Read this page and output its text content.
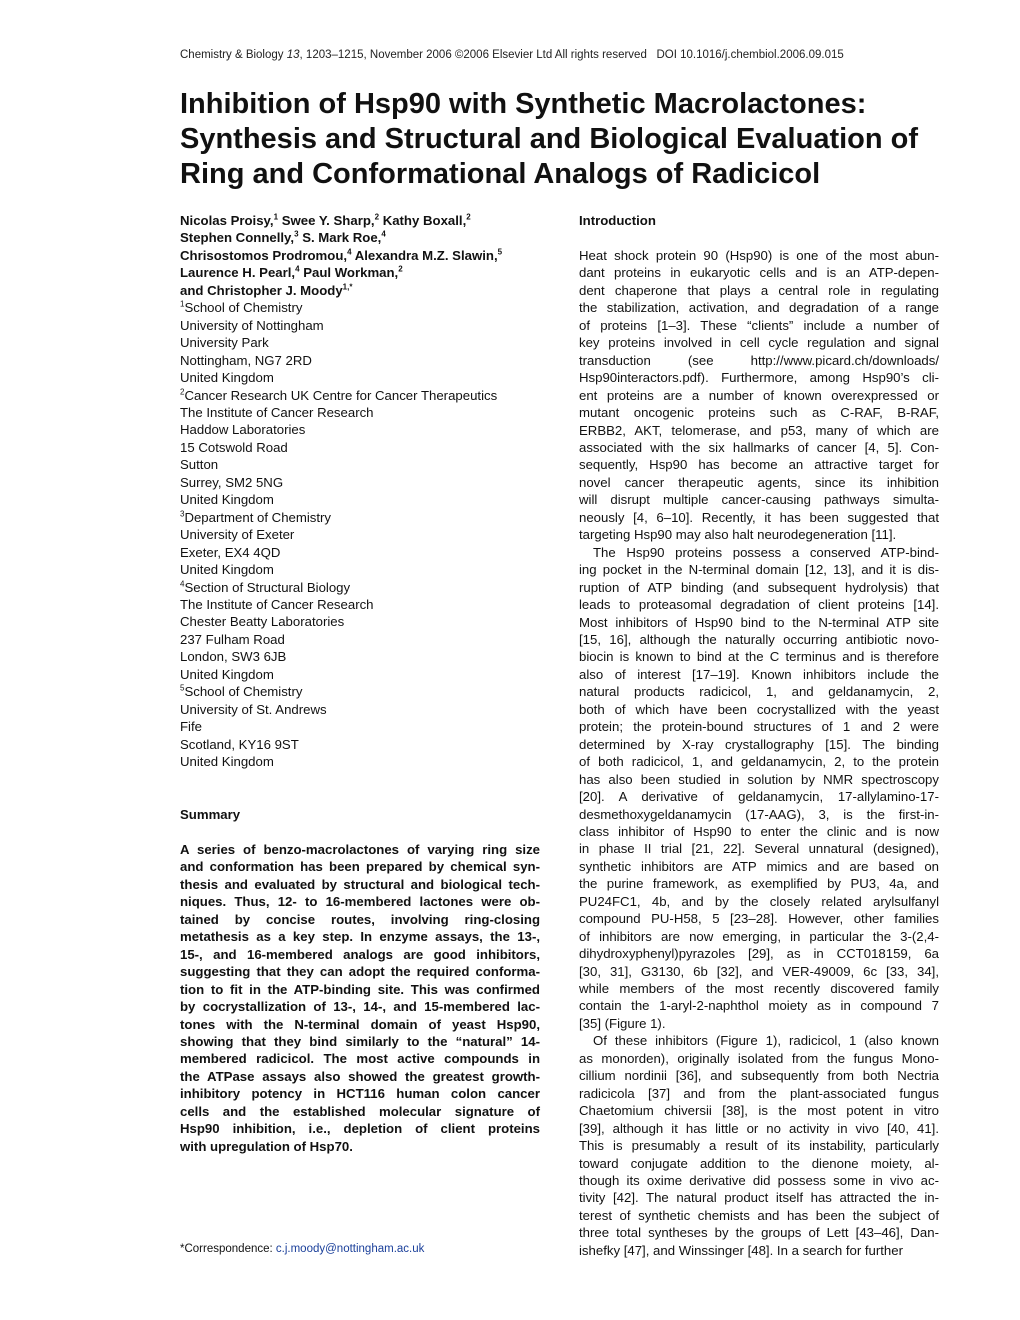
Chemistry & Biology 13, 1203–1215, November 2006 ©2006 Elsevier Ltd All rights reserved DOI 10.1016/j.chembiol.2006.09.015
Inhibition of Hsp90 with Synthetic Macrolactones: Synthesis and Structural and Biological Evaluation of Ring and Conformational Analogs of Radicicol
Nicolas Proisy,$^1$ Swee Y. Sharp,$^2$ Kathy Boxall,$^2$
Stephen Connelly,$^3$ S. Mark Roe,$^4$
Chrisostomos Prodromou,$^4$ Alexandra M.Z. Slawin,$^5$
Laurence H. Pearl,$^4$ Paul Workman,$^2$
and Christopher J. Moody$^{1,*}$
$^1$School of Chemistry
University of Nottingham
University Park
Nottingham, NG7 2RD
United Kingdom
$^2$Cancer Research UK Centre for Cancer Therapeutics
The Institute of Cancer Research
Haddow Laboratories
15 Cotswold Road
Sutton
Surrey, SM2 5NG
United Kingdom
$^3$Department of Chemistry
University of Exeter
Exeter, EX4 4QD
United Kingdom
$^4$Section of Structural Biology
The Institute of Cancer Research
Chester Beatty Laboratories
237 Fulham Road
London, SW3 6JB
United Kingdom
$^5$School of Chemistry
University of St. Andrews
Fife
Scotland, KY16 9ST
United Kingdom
Summary
A series of benzo-macrolactones of varying ring size
and conformation has been prepared by chemical syn-
thesis and evaluated by structural and biological tech-
niques. Thus, 12- to 16-membered lactones were ob-
tained by concise routes, involving ring-closing
metathesis as a key step. In enzyme assays, the 13-,
15-, and 16-membered analogs are good inhibitors,
suggesting that they can adopt the required conforma-
tion to fit in the ATP-binding site. This was confirmed
by cocrystallization of 13-, 14-, and 15-membered lac-
tones with the N-terminal domain of yeast Hsp90,
showing that they bind similarly to the “natural” 14-
membered radicicol. The most active compounds in
the ATPase assays also showed the greatest growth-
inhibitory potency in HCT116 human colon cancer
cells and the established molecular signature of
Hsp90 inhibition, i.e., depletion of client proteins
with upregulation of Hsp70.
*Correspondence: c.j.moody@nottingham.ac.uk
Introduction
Heat shock protein 90 (Hsp90) is one of the most abun-
dant proteins in eukaryotic cells and is an ATP-depen-
dent chaperone that plays a central role in regulating
the stabilization, activation, and degradation of a range
of proteins [1–3]. These “clients” include a number of
key proteins involved in cell cycle regulation and signal
transduction (see http://www.picard.ch/downloads/
Hsp90interactors.pdf). Furthermore, among Hsp90’s cli-
ent proteins are a number of known overexpressed or
mutant oncogenic proteins such as C-RAF, B-RAF,
ERBB2, AKT, telomerase, and p53, many of which are
associated with the six hallmarks of cancer [4, 5]. Con-
sequently, Hsp90 has become an attractive target for
novel cancer therapeutic agents, since its inhibition
will disrupt multiple cancer-causing pathways simulta-
neously [4, 6–10]. Recently, it has been suggested that
targeting Hsp90 may also halt neurodegeneration [11].
The Hsp90 proteins possess a conserved ATP-bind-
ing pocket in the N-terminal domain [12, 13], and it is dis-
ruption of ATP binding (and subsequent hydrolysis) that
leads to proteasomal degradation of client proteins [14].
Most inhibitors of Hsp90 bind to the N-terminal ATP site
[15, 16], although the naturally occurring antibiotic novo-
biocin is known to bind at the C terminus and is therefore
also of interest [17–19]. Known inhibitors include the
natural products radicicol, 1, and geldanamycin, 2,
both of which have been cocrystallized with the yeast
protein; the protein-bound structures of 1 and 2 were
determined by X-ray crystallography [15]. The binding
of both radicicol, 1, and geldanamycin, 2, to the protein
has also been studied in solution by NMR spectroscopy
[20]. A derivative of geldanamycin, 17-allylamino-17-
desmethoxygeldanamycin (17-AAG), 3, is the first-in-
class inhibitor of Hsp90 to enter the clinic and is now
in phase II trial [21, 22]. Several unnatural (designed),
synthetic inhibitors are ATP mimics and are based on
the purine framework, as exemplified by PU3, 4a, and
PU24FC1, 4b, and by the closely related arylsulfanyl
compound PU-H58, 5 [23–28]. However, other families
of inhibitors are now emerging, in particular the 3-(2,4-
dihydroxyphenyl)pyrazoles [29], as in CCT018159, 6a
[30, 31], G3130, 6b [32], and VER-49009, 6c [33, 34],
while members of the most recently discovered family
contain the 1-aryl-2-naphthol moiety as in compound 7
[35] (Figure 1).
Of these inhibitors (Figure 1), radicicol, 1 (also known
as monorden), originally isolated from the fungus Mono-
cillium nordinii [36], and subsequently from both Nectria
radicicola [37] and from the plant-associated fungus
Chaetomium chiversii [38], is the most potent in vitro
[39], although it has little or no activity in vivo [40, 41].
This is presumably a result of its instability, particularly
toward conjugate addition to the dienone moiety, al-
though its oxime derivative did possess some in vivo ac-
tivity [42]. The natural product itself has attracted the in-
terest of synthetic chemists and has been the subject of
three total syntheses by the groups of Lett [43–46], Dan-
ishefky [47], and Winssinger [48]. In a search for further
